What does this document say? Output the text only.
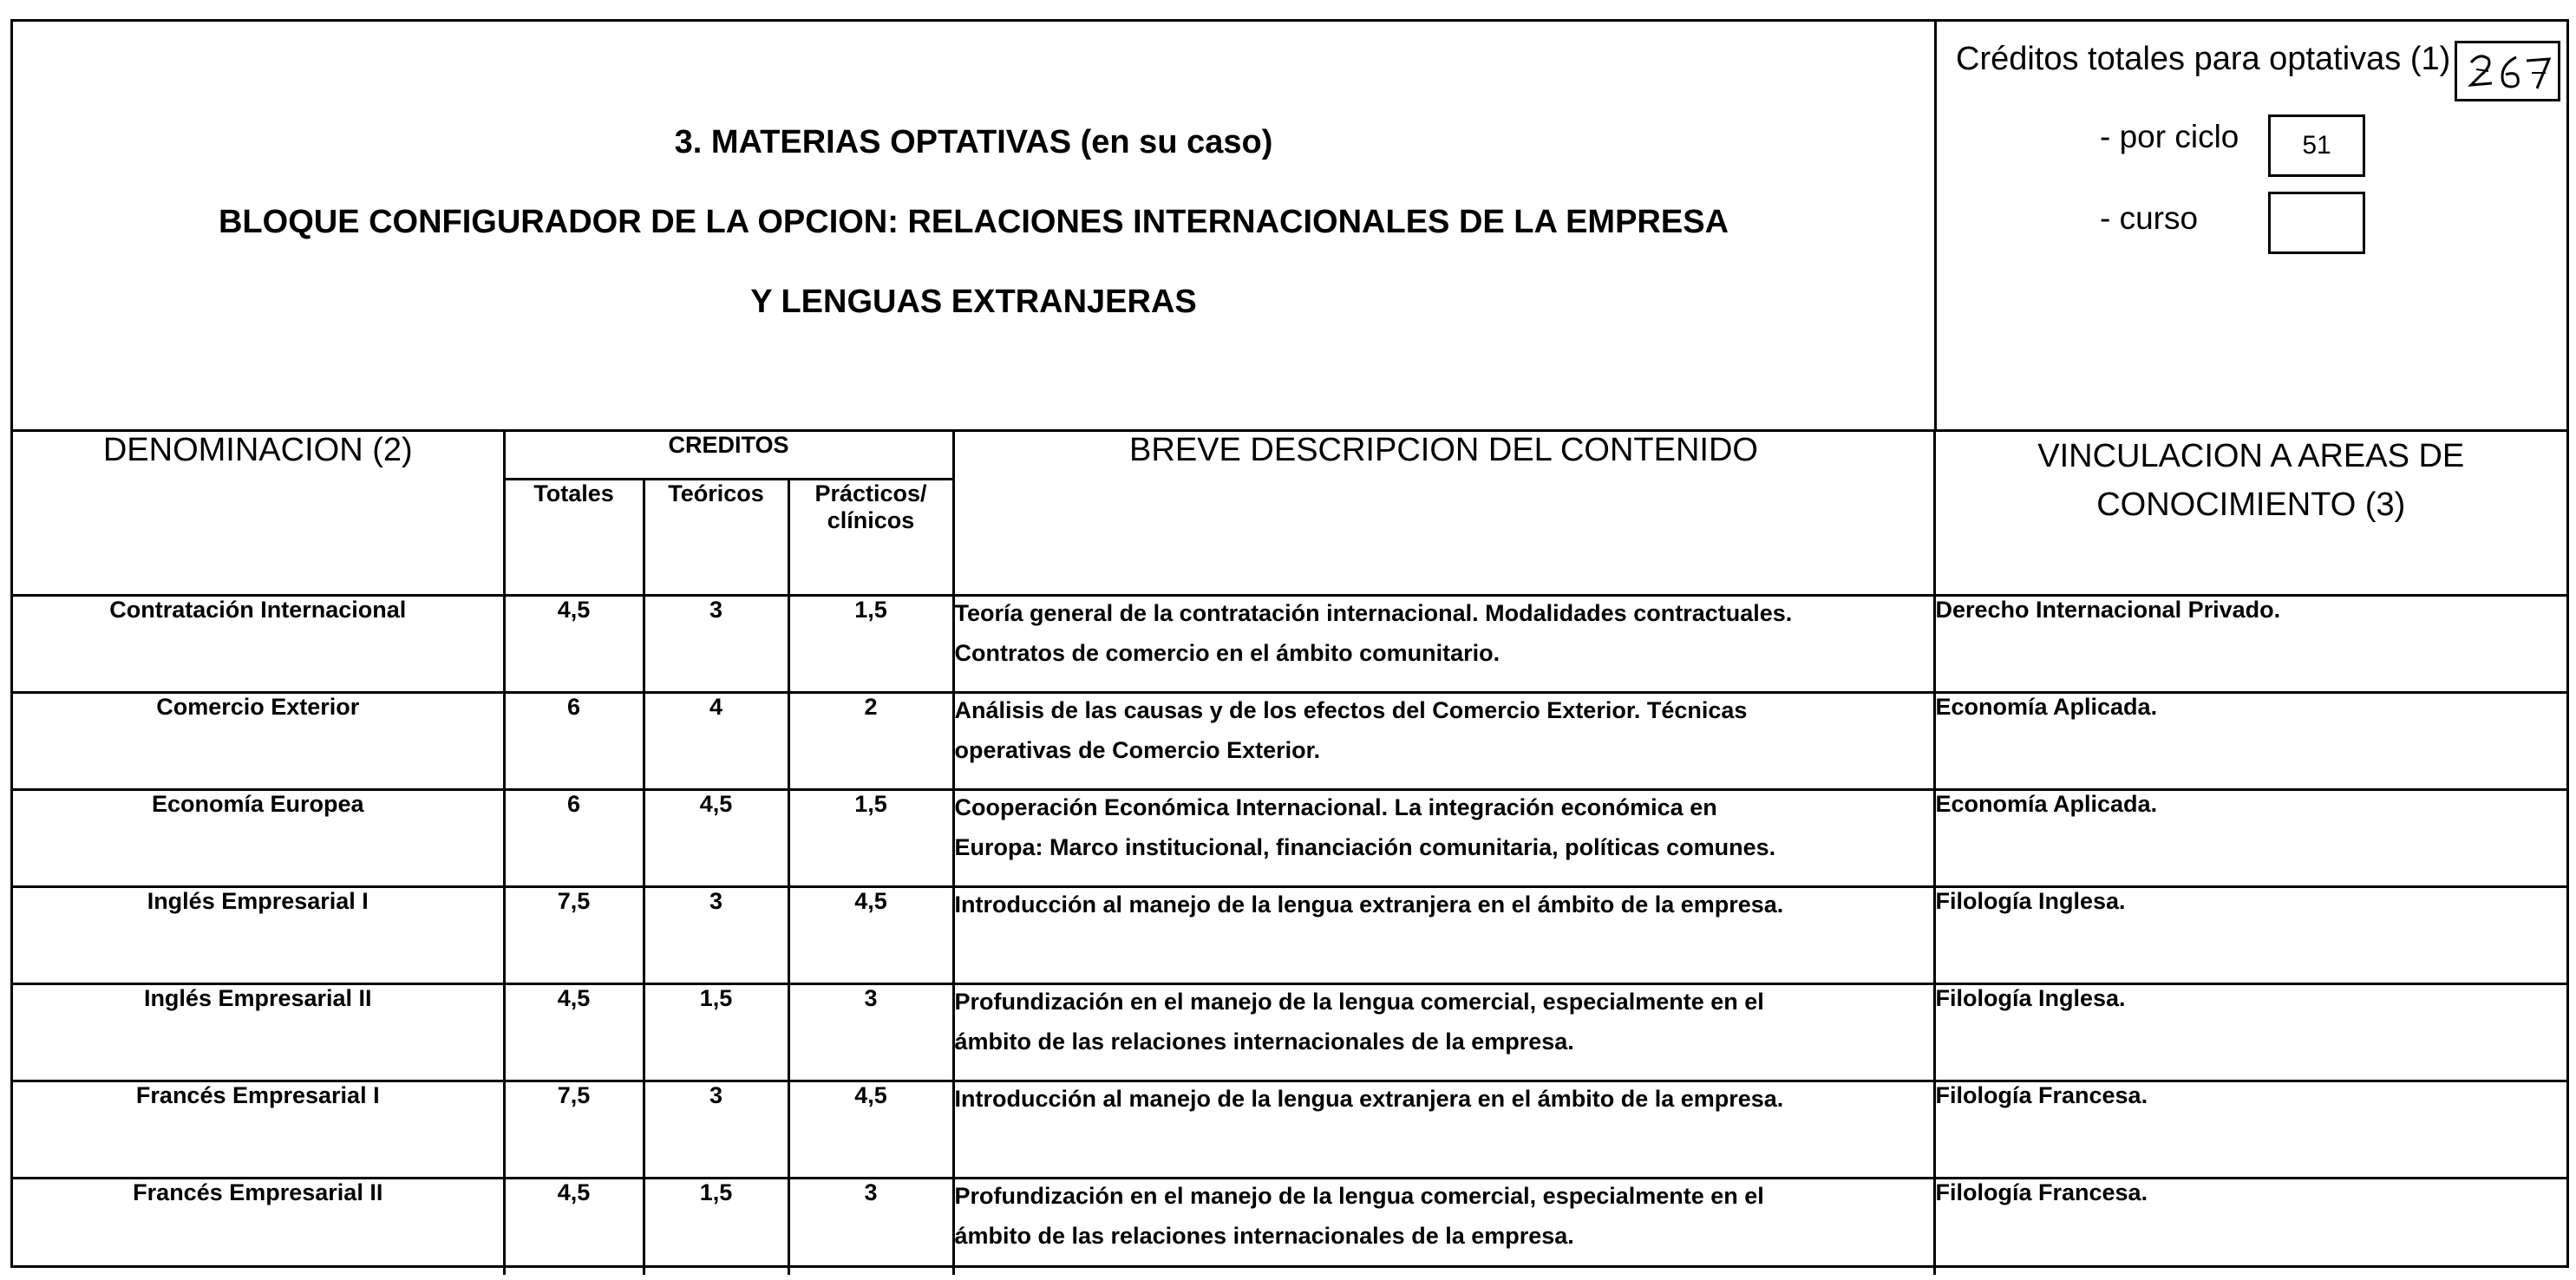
3. MATERIAS OPTATIVAS (en su caso)
BLOQUE CONFIGURADOR DE LA OPCION: RELACIONES INTERNACIONALES DE LA EMPRESA
Y LENGUAS EXTRANJERAS
Créditos totales para optativas (1)
- por ciclo	51
- curso
DENOMINACION (2)	CREDITOS			BREVE DESCRIPCION DEL CONTENIDO	VINCULACION A AREAS DE
CONOCIMIENTO (3)
	Totales	Teóricos	Prácticos/
clínicos		
Contratación Internacional	4,5	3	1,5	Teoría general de la contratación internacional. Modalidades contractuales.
Contratos de comercio en el ámbito comunitario.	Derecho Internacional Privado.
Comercio Exterior	6	4	2	Análisis de las causas y de los efectos del Comercio Exterior. Técnicas
operativas de Comercio Exterior.	Economía Aplicada.
Economía Europea	6	4,5	1,5	Cooperación Económica Internacional. La integración económica en
Europa: Marco institucional, financiación comunitaria, políticas comunes.	Economía Aplicada.
Inglés Empresarial I	7,5	3	4,5	Introducción al manejo de la lengua extranjera en el ámbito de la empresa.	Filología Inglesa.
Inglés Empresarial II	4,5	1,5	3	Profundización en el manejo de la lengua comercial, especialmente en el
ámbito de las relaciones internacionales de la empresa.	Filología Inglesa.
Francés Empresarial I	7,5	3	4,5	Introducción al manejo de la lengua extranjera en el ámbito de la empresa.	Filología Francesa.
Francés Empresarial II	4,5	1,5	3	Profundización en el manejo de la lengua comercial, especialmente en el
ámbito de las relaciones internacionales de la empresa.	Filología Francesa.
